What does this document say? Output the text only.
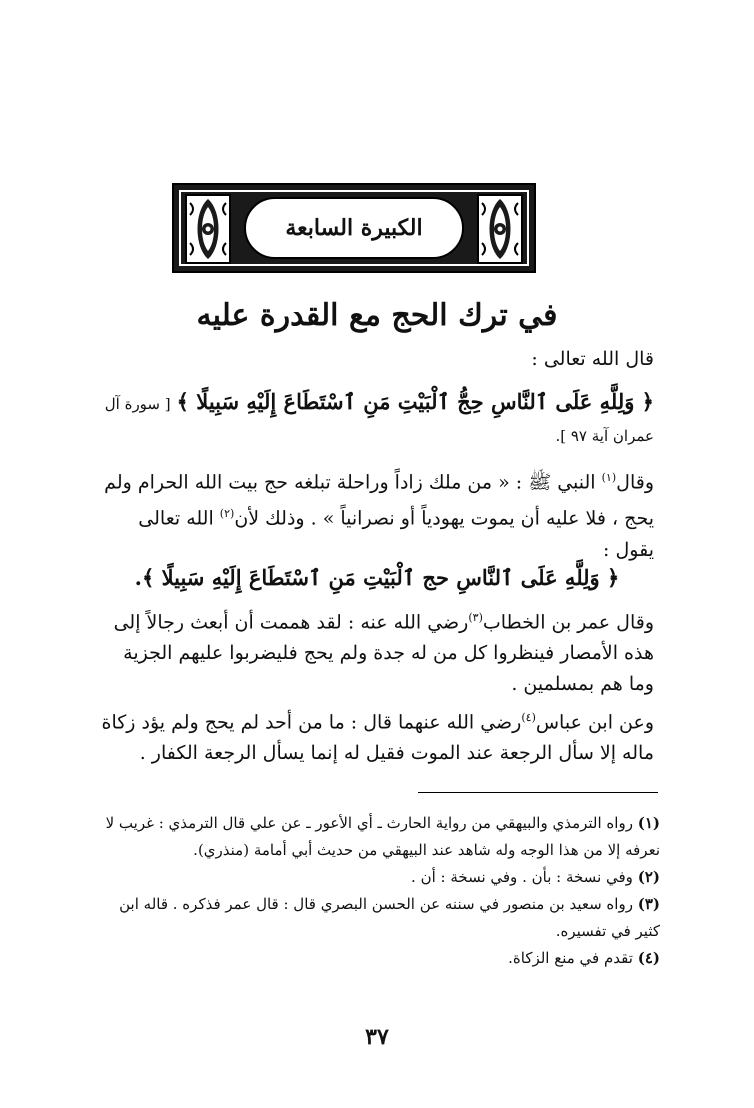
الكبيرة السابعة
في ترك الحج مع القدرة عليه
قال الله تعالى :
﴿ وَلِلَّهِ عَلَى ٱلنَّاسِ حِجُّ ٱلْبَيْتِ مَنِ ٱسْتَطَاعَ إِلَيْهِ سَبِيلًا ﴾ [ سورة آل عمران آية ٩٧ ].
وقال$^{(١)}$ النبي ﷺ : « من ملك زاداً وراحلة تبلغه حج بيت الله الحرام ولم يحج ، فلا عليه أن يموت يهودياً أو نصرانياً » . وذلك لأن$^{(٢)}$ الله تعالى يقول :
﴿ وَلِلَّهِ عَلَى ٱلنَّاسِ حج ٱلْبَيْتِ مَنِ ٱسْتَطَاعَ إِلَيْهِ سَبِيلًا ﴾.
وقال عمر بن الخطاب$^{(٣)}$رضي الله عنه : لقد هممت أن أبعث رجالاً إلى هذه الأمصار فينظروا كل من له جدة ولم يحج فليضربوا عليهم الجزية وما هم بمسلمين .
وعن ابن عباس$^{(٤)}$رضي الله عنهما قال : ما من أحد لم يحج ولم يؤد زكاة ماله إلا سأل الرجعة عند الموت فقيل له إنما يسأل الرجعة الكفار .
(١) رواه الترمذي والبيهقي من رواية الحارث ـ أي الأعور ـ عن علي قال الترمذي : غريب لا نعرفه إلا من هذا الوجه وله شاهد عند البيهقي من حديث أبي أمامة (منذري).
(٢) وفي نسخة : بأن . وفي نسخة : أن .
(٣) رواه سعيد بن منصور في سننه عن الحسن البصري قال : قال عمر فذكره . قاله ابن كثير في تفسيره.
(٤) تقدم في منع الزكاة.
٣٧
